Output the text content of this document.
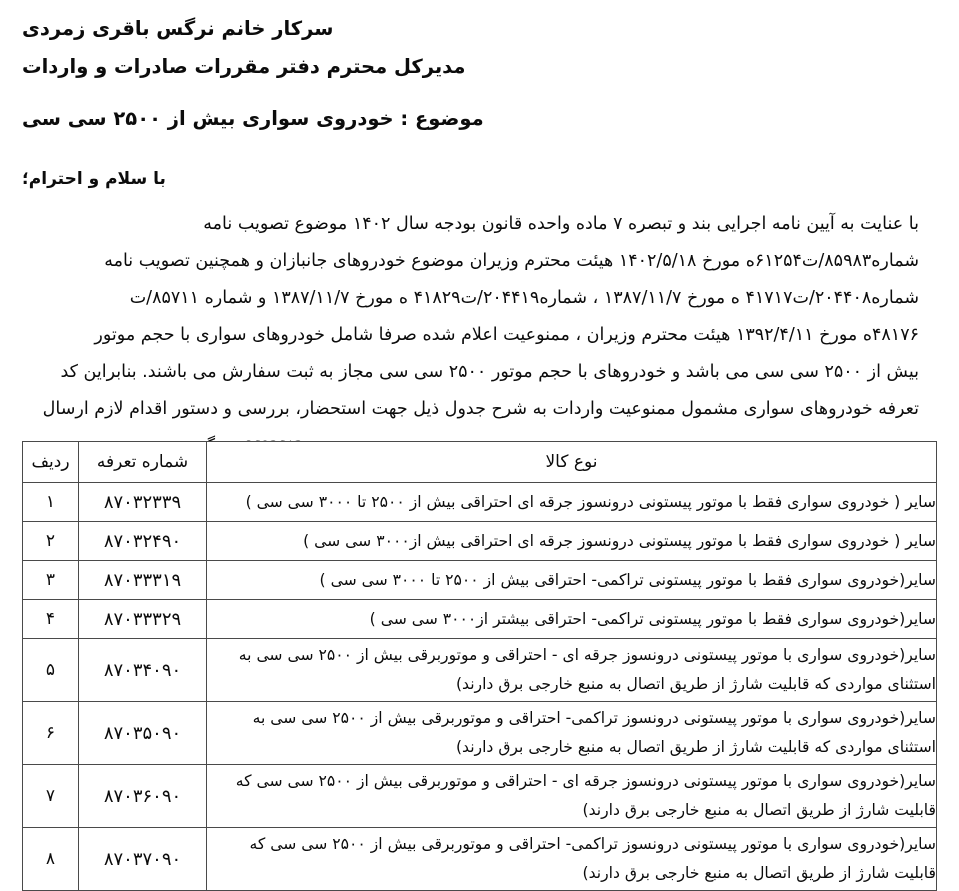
سرکار خانم نرگس باقری زمردی
مدیرکل محترم دفتر مقررات صادرات و واردات
موضوع : خودروی سواری بیش از ۲۵۰۰ سی سی
با سلام و احترام؛
با عنایت به آیین نامه اجرایی بند و تبصره ۷ ماده واحده قانون بودجه سال ۱۴۰۲ موضوع تصویب نامه
شماره۸۵۹۸۳/ت۶۱۲۵۴ه مورخ ۱۴۰۲/۵/۱۸ هیئت محترم وزیران موضوع خودروهای جانبازان و همچنین تصویب نامه
شماره۲۰۴۴۰۸/ت۴۱۷۱۷ ه مورخ ۱۳۸۷/۱۱/۷ ، شماره۲۰۴۴۱۹/ت۴۱۸۲۹ ه مورخ ۱۳۸۷/۱۱/۷ و شماره ۸۵۷۱۱/ت
۴۸۱۷۶ه مورخ ۱۳۹۲/۴/۱۱ هیئت محترم وزیران ، ممنوعیت اعلام شده صرفا شامل خودروهای سواری با حجم موتور
بیش از ۲۵۰۰ سی سی می باشد و خودروهای با حجم موتور ۲۵۰۰ سی سی مجاز به ثبت سفارش می باشند. بنابراین کد
تعرفه خودروهای سواری مشمول ممنوعیت واردات به شرح جدول ذیل جهت استحضار، بررسی و دستور اقدام لازم ارسال
نوع کالا	شماره تعرفه	ردیف
سایر ( خودروی سواری فقط با موتور پیستونی درونسوز جرقه ای احتراقی بیش از ۲۵۰۰ تا ۳۰۰۰ سی سی )	۸۷۰۳۲۳۳۹	۱
سایر ( خودروی سواری فقط با موتور پیستونی درونسوز جرقه ای احتراقی بیش از۳۰۰۰ سی سی )	۸۷۰۳۲۴۹۰	۲
سایر(خودروی سواری فقط با موتور پیستونی تراکمی- احتراقی بیش از ۲۵۰۰ تا ۳۰۰۰ سی سی )	۸۷۰۳۳۳۱۹	۳
سایر(خودروی سواری فقط با موتور پیستونی تراکمی- احتراقی بیشتر از۳۰۰۰ سی سی )	۸۷۰۳۳۳۲۹	۴
سایر(خودروی سواری با موتور پیستونی درونسوز جرقه ای - احتراقی و موتوربرقی بیش از ۲۵۰۰ سی سی به استثنای مواردی که قابلیت شارژ از طریق اتصال به منبع خارجی برق دارند)	۸۷۰۳۴۰۹۰	۵
سایر(خودروی سواری با موتور پیستونی درونسوز تراکمی- احتراقی و موتوربرقی بیش از ۲۵۰۰ سی سی به استثنای مواردی که قابلیت شارژ از طریق اتصال به منبع خارجی برق دارند)	۸۷۰۳۵۰۹۰	۶
سایر(خودروی سواری با موتور پیستونی درونسوز جرقه ای - احتراقی و موتوربرقی بیش از ۲۵۰۰ سی سی که قابلیت شارژ از طریق اتصال به منبع خارجی برق دارند)	۸۷۰۳۶۰۹۰	۷
سایر(خودروی سواری با موتور پیستونی درونسوز تراکمی- احتراقی و موتوربرقی بیش از ۲۵۰۰ سی سی که قابلیت شارژ از طریق اتصال به منبع خارجی برق دارند)	۸۷۰۳۷۰۹۰	۸
